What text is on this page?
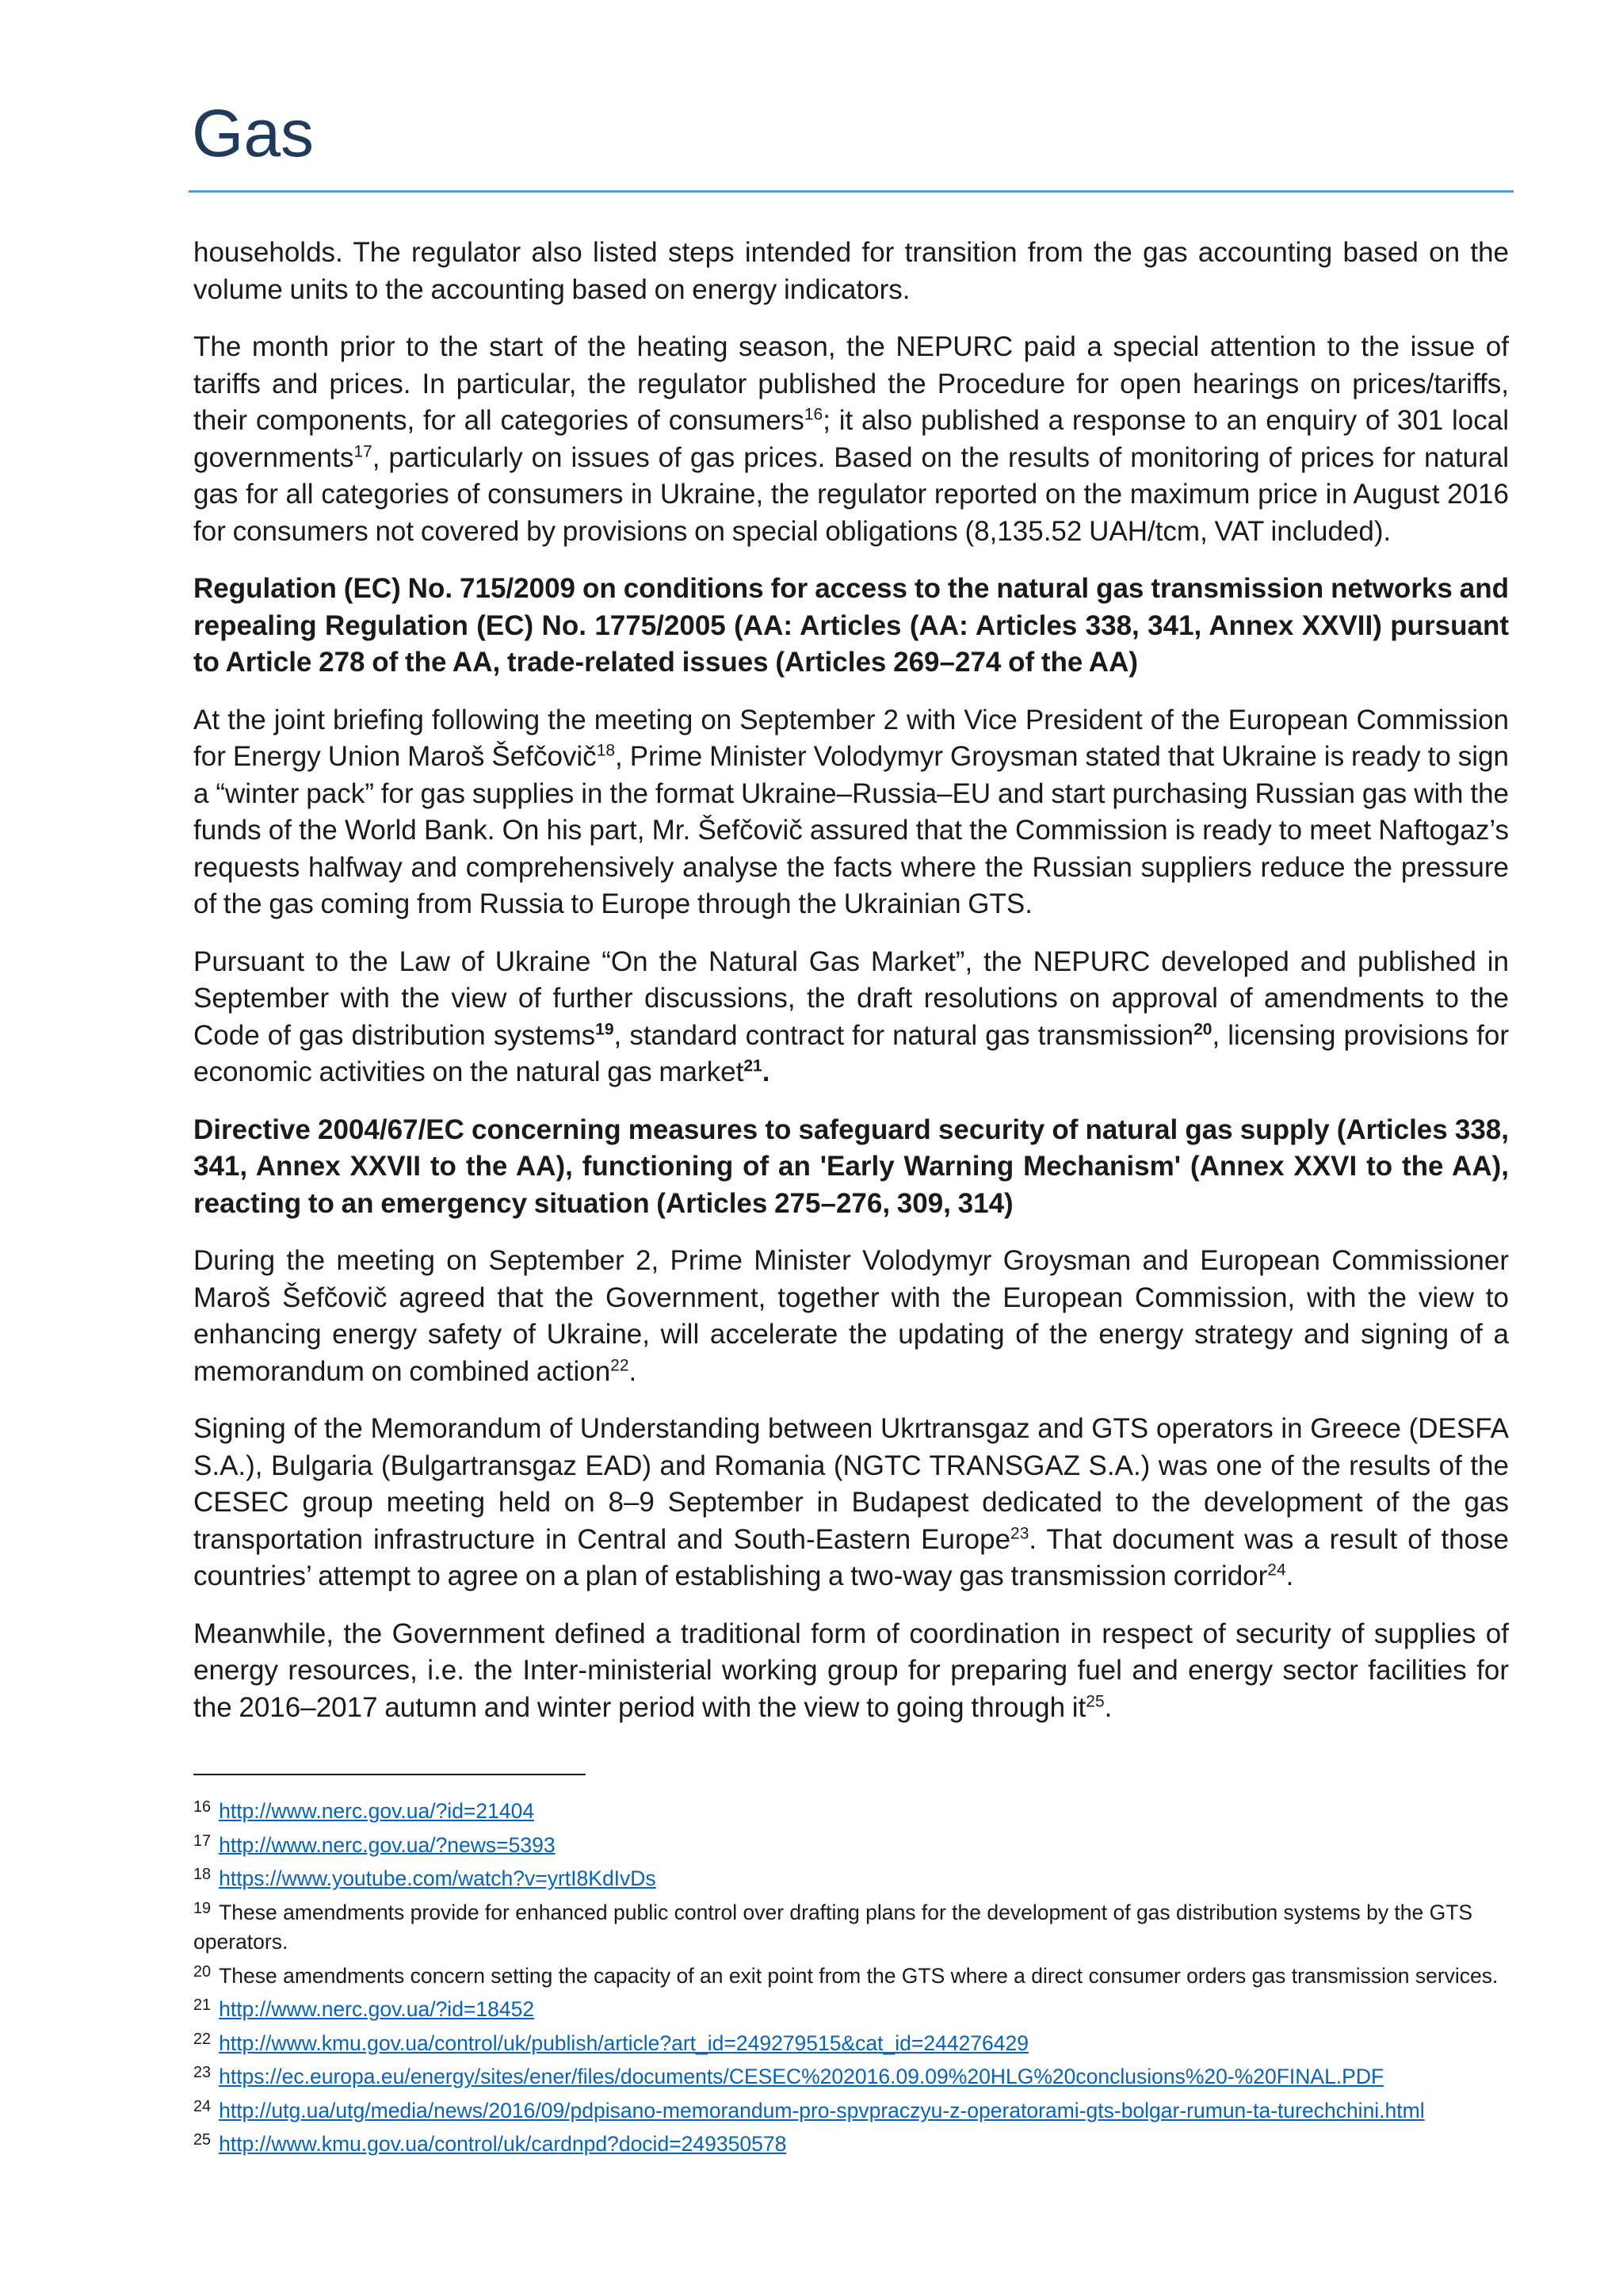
Gas

households. The regulator also listed steps intended for transition from the gas accounting based on the volume units to the accounting based on energy indicators.

The month prior to the start of the heating season, the NEPURC paid a special attention to the issue of tariffs and prices. In particular, the regulator published the Procedure for open hearings on prices/tariffs, their components, for all categories of consumers$^{16}$; it also published a response to an enquiry of 301 local governments$^{17}$, particularly on issues of gas prices. Based on the results of monitoring of prices for natural gas for all categories of consumers in Ukraine, the regulator reported on the maximum price in August 2016 for consumers not covered by provisions on special obligations (8,135.52 UAH/tcm, VAT included).

Regulation (EC) No. 715/2009 on conditions for access to the natural gas transmission networks and repealing Regulation (EC) No. 1775/2005 (AA: Articles (AA: Articles 338, 341, Annex XXVII) pursuant to Article 278 of the AA, trade-related issues (Articles 269–274 of the AA)

At the joint briefing following the meeting on September 2 with Vice President of the European Commission for Energy Union Maroš Šefčovič$^{18}$, Prime Minister Volodymyr Groysman stated that Ukraine is ready to sign a “winter pack” for gas supplies in the format Ukraine–Russia–EU and start purchasing Russian gas with the funds of the World Bank. On his part, Mr. Šefčovič assured that the Commission is ready to meet Naftogaz’s requests halfway and comprehensively analyse the facts where the Russian suppliers reduce the pressure of the gas coming from Russia to Europe through the Ukrainian GTS.

Pursuant to the Law of Ukraine “On the Natural Gas Market”, the NEPURC developed and published in September with the view of further discussions, the draft resolutions on approval of amendments to the Code of gas distribution systems$^{19}$, standard contract for natural gas transmission$^{20}$, licensing provisions for economic activities on the natural gas market$^{21}$.

Directive 2004/67/EC concerning measures to safeguard security of natural gas supply (Articles 338, 341, Annex XXVII to the AA), functioning of an 'Early Warning Mechanism' (Annex XXVI to the AA), reacting to an emergency situation (Articles 275–276, 309, 314)

During the meeting on September 2, Prime Minister Volodymyr Groysman and European Commissioner Maroš Šefčovič agreed that the Government, together with the European Commission, with the view to enhancing energy safety of Ukraine, will accelerate the updating of the energy strategy and signing of a memorandum on combined action$^{22}$.

Signing of the Memorandum of Understanding between Ukrtransgaz and GTS operators in Greece (DESFA S.A.), Bulgaria (Bulgartransgaz EAD) and Romania (NGTC TRANSGAZ S.A.) was one of the results of the CESEC group meeting held on 8–9 September in Budapest dedicated to the development of the gas transportation infrastructure in Central and South-Eastern Europe$^{23}$. That document was a result of those countries’ attempt to agree on a plan of establishing a two-way gas transmission corridor$^{24}$.

Meanwhile, the Government defined a traditional form of coordination in respect of security of supplies of energy resources, i.e. the Inter-ministerial working group for preparing fuel and energy sector facilities for the 2016–2017 autumn and winter period with the view to going through $it^{25}$.

$^{16}$ http://www.nerc.gov.ua/?id=21404

$^{17}$ http://www.nerc.gov.ua/?news=5393

$^{18}$ https://www.youtube.com/watch?v=yrtI8KdIvDs

$^{19}$ These amendments provide for enhanced public control over drafting plans for the development of gas distribution systems by the GTS operators.

$^{20}$ These amendments concern setting the capacity of an exit point from the GTS where a direct consumer orders gas transmission services.

$^{21}$ http://www.nerc.gov.ua/?id=18452

$^{22}$ http://www.kmu.gov.ua/control/uk/publish/article?art_id=249279515&cat_id=244276429

$^{23}$ https://ec.europa.eu/energy/sites/ener/files/documents/CESEC%202016.09.09%20HLG%20conclusions%20-%20FINAL.PDF

$^{24}$ http://utg.ua/utg/media/news/2016/09/pdpisano-memorandum-pro-spvpraczyu-z-operatorami-gts-bolgar-rumun-ta-turechchini.html

$^{25}$ http://www.kmu.gov.ua/control/uk/cardnpd?docid=249350578
